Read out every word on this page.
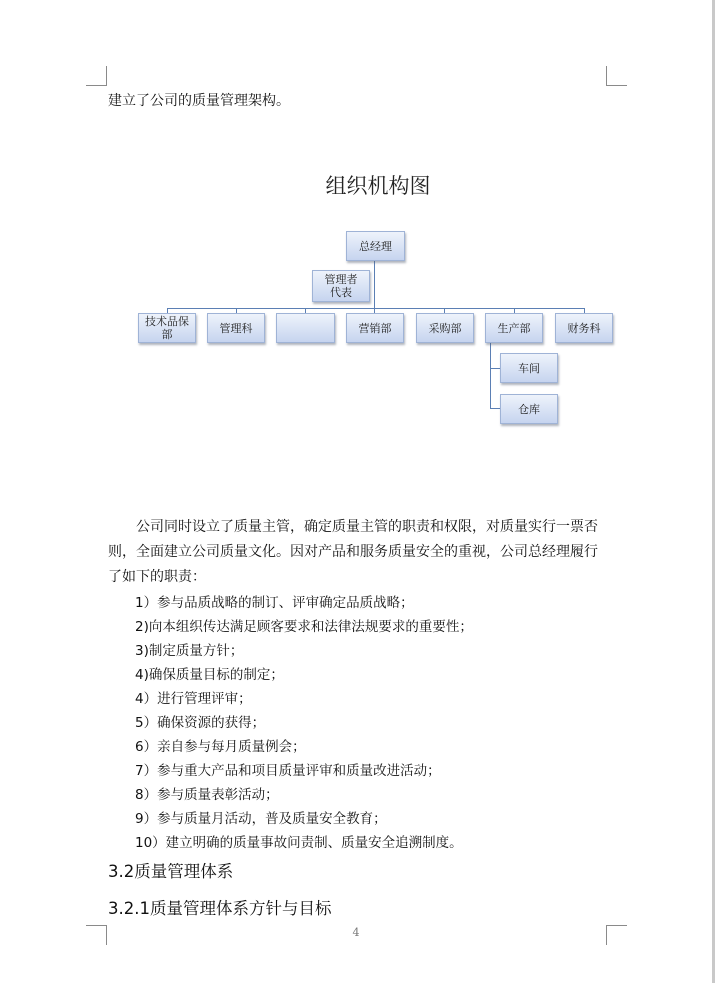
建立了公司的质量管理架构。
组织机构图
总经理
管理者代表
技术品保部	管理科	营销部	采购部	生产部	财务科
车间
仓库
公司同时设立了质量主管，确定质量主管的职责和权限，对质量实行一票否
则，全面建立公司质量文化。因对产品和服务质量安全的重视，公司总经理履行
了如下的职责：
1）参与品质战略的制订、评审确定品质战略；
2)向本组织传达满足顾客要求和法律法规要求的重要性；
3)制定质量方针；
4)确保质量目标的制定；
4）进行管理评审；
5）确保资源的获得；
6）亲自参与每月质量例会；
7）参与重大产品和项目质量评审和质量改进活动；
8）参与质量表彰活动；
9）参与质量月活动，普及质量安全教育；
10）建立明确的质量事故问责制、质量安全追溯制度。
3.2质量管理体系
3.2.1质量管理体系方针与目标
4
